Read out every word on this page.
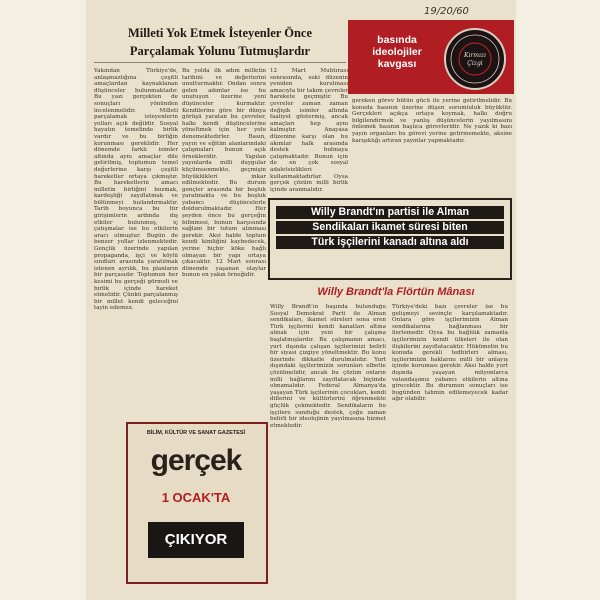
19/20/60
Milleti Yok Etmek İsteyenler Önce
Parçalamak Yolunu Tutmuşlardır
basında
ideolojiler
kavgası
Kırmızı
Çizgi
Yakından Türkiye'de, anlaşmazlığına çeşitli amaçlardan kaynaklanan düşünceler bulunmaktadır. Bu yazı gerçekten de sonuçları yönünden incelenmelidir. Milleti parçalamak isteyenlerin yolları açık değildir. Sosyal hayatın temelinde birlik vardır ve bu birliğin korunması gereklidir. Her dönemde farklı isimler altında aynı amaçlar dile getirilmiş, toplumun temel değerlerine karşı çeşitli hareketler ortaya çıkmıştır. Bu hareketlerin amacı milletin birliğini bozmak, kardeşliği zayıflatmak ve bölünmeyi hızlandırmaktır. Tarih boyunca bu tür girişimlerin ardında dış etkiler bulunmuş, iç çatışmalar ise bu etkilerin aracı olmuştur. Bugün de benzer yollar izlenmektedir. Gençlik üzerinde yapılan propaganda, işçi ve köylü sınıfları arasında yaratılmak istenen ayrılık, bu planların bir parçasıdır. Toplumun her kesimi bu gerçeği görmeli ve birlik içinde hareket etmelidir. Çünkü parçalanmış bir millet kendi geleceğini tayin edemez.
Bu yolda ilk adım milletin tarihini ve değerlerini unutturmaktır. Ondan sonra gelen adımlar ise bu unutuşun üzerine yeni düşünceler kurmaktır. Kendilerine göre bir dünya görüşü yaratan bu çevreler, halkı kendi düşüncelerine yöneltmek için her yolu denemektedirler. Basın, yayın ve eğitim alanlarındaki çalışmaları bunun açık örnekleridir. Yapılan yayınlarda milli duygular küçümsenmekte, geçmişin büyüklükleri inkar edilmektedir. Bu durum gençler arasında bir boşluk yaratmakta ve bu boşluk yabancı düşüncelerle doldurulmaktadır. Her şeyden önce bu gerçeğin bilinmesi, bunun karşısında sağlam bir tutum alınması gerekir. Aksi halde toplum kendi kimliğini kaybedecek, yerine hiçbir köke bağlı olmayan bir yapı ortaya çıkacaktır. 12 Mart sonrası dönemde yaşanan olaylar bunun en yakın örneğidir.
12 Mart Muhtırası sonrasında, eski düzenin yeniden kurulması amacıyla bir takım çevreler harekete geçmiştir. Bu çevreler zaman zaman değişik isimler altında faaliyet göstermiş, ancak amaçları hep aynı kalmıştır. Anayasa düzenine karşı olan bu akımlar halk arasında destek bulmaya çalışmaktadır. Bunun için de en çok sosyal adaletsizlikleri kullanmaktadırlar. Oysa gerçek çözüm milli birlik içinde aranmalıdır.
gereken görev bütün gücü ile yerine getirilmelidir. Bu konuda basının üzerine düşen sorumluluk büyüktür. Gerçekleri açıkça ortaya koymak, halkı doğru bilgilendirmek ve yanlış düşüncelerin yayılmasını önlemek basının başlıca görevleridir. Ne yazık ki bazı yayın organları bu görevi yerine getirmemekte, aksine karışıklığı artıran yayınlar yapmaktadır.
Willy Brandt'ın partisi ile Alman
Sendikaları ikamet süresi biten
Türk işçilerini kanadı altına aldı
Willy Brandt'la Flörtün Mânası
Willy Brandt'ın başında bulunduğu Sosyal Demokrat Parti ile Alman sendikaları, ikamet süreleri sona eren Türk işçilerini kendi kanatları altına almak için yeni bir çalışma başlatmışlardır. Bu çalışmanın amacı, yurt dışında çalışan işçilerimizi belirli bir siyasi çizgiye yöneltmektir. Bu konu üzerinde dikkatle durulmalıdır. Yurt dışındaki işçilerimizin sorunları elbette çözülmelidir, ancak bu çözüm onların milli bağlarını zayıflatacak biçimde olmamalıdır. Federal Almanya'da yaşayan Türk işçilerinin çocukları, kendi dillerini ve kültürlerini öğrenmekte güçlük çekmektedir. Sendikaların bu işçilere sunduğu destek, çoğu zaman belirli bir ideolojinin yayılmasına hizmet etmektedir.
Türkiye'deki bazı çevreler ise bu gelişmeyi sevinçle karşılamaktadır. Onlara göre işçilerimizin Alman sendikalarına bağlanması bir ilerlemedir. Oysa bu bağlılık zamanla işçilerimizin kendi ülkeleri ile olan ilişkilerini zayıflatacaktır. Hükümetin bu konuda gerekli tedbirleri alması, işçilerimizin haklarını milli bir anlayış içinde koruması gerekir. Aksi halde yurt dışında yaşayan milyonlarca vatandaşımız yabancı etkilerin altına girecektir. Bu durumun sonuçları ise bugünden tahmin edilemeyecek kadar ağır olabilir.
BİLİM, KÜLTÜR VE SANAT GAZETESİ
gerçek
1 OCAK'TA
ÇIKIYOR
